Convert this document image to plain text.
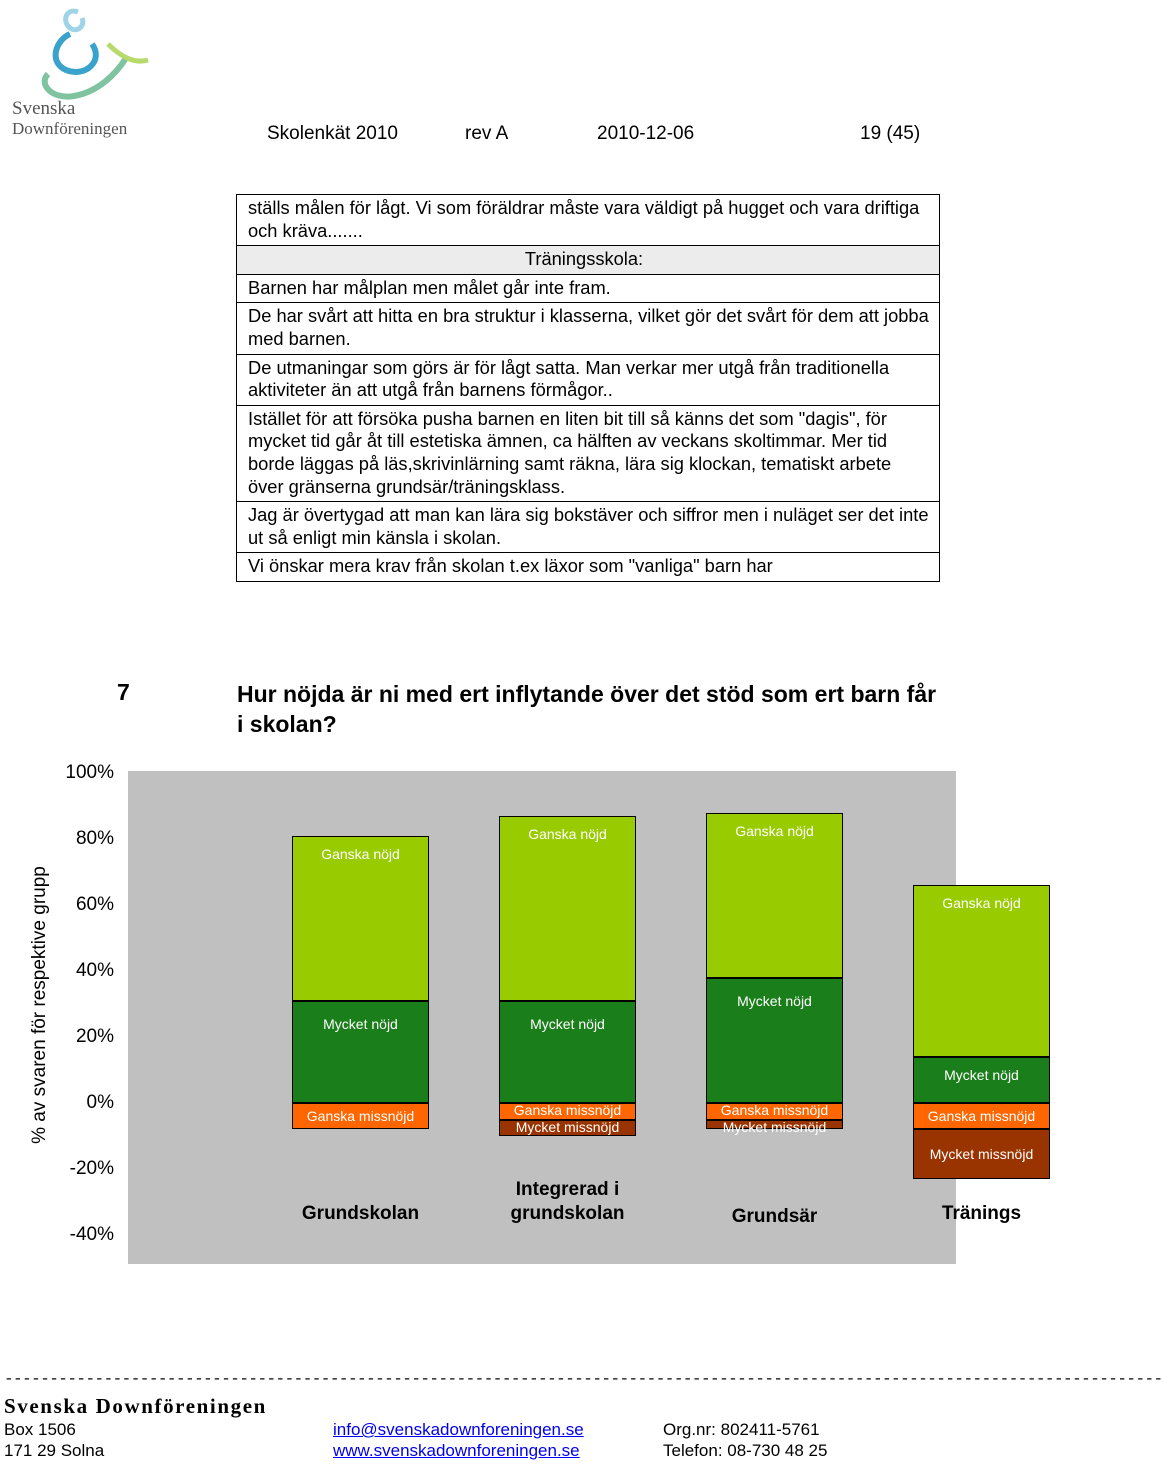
Svenska
Downföreningen	Skolenkät 2010	rev A	2010-12-06	19 (45)
ställs målen för lågt. Vi som föräldrar måste vara väldigt på hugget och vara driftiga och kräva.......
Träningsskola:
Barnen har målplan men målet går inte fram.
De har svårt att hitta en bra struktur i klasserna, vilket gör det svårt för dem att jobba med barnen.
De utmaningar som görs är för lågt satta. Man verkar mer utgå från traditionella aktiviteter än att utgå från barnens förmågor..
Istället för att försöka pusha barnen en liten bit till så känns det som "dagis", för mycket tid går åt till estetiska ämnen, ca hälften av veckans skoltimmar. Mer tid borde läggas på läs,skrivinlärning samt räkna, lära sig klockan, tematiskt arbete över gränserna grundsär/träningsklass.
Jag är övertygad att man kan lära sig bokstäver och siffror men i nuläget ser det inte ut så enligt min känsla i skolan.
Vi önskar mera krav från skolan t.ex läxor som "vanliga" barn har
7	Hur nöjda är ni med ert inflytande över det stöd som ert barn får i skolan?
% av svaren för respektive grupp
100%
80%
60%
40%
20%
0%
-20%
-40%
Mycket nöjd
Ganska nöjd
Ganska missnöjd
Mycket nöjd
Ganska nöjd
Ganska missnöjd
Mycket missnöjd
Mycket nöjd
Ganska nöjd
Ganska missnöjd
Mycket missnöjd
Mycket nöjd
Ganska nöjd
Ganska missnöjd
Mycket missnöjd
Grundskolan
Integrerad i
grundskolan	Grundsär	Tränings
--------------------------------------------------------------------------------------------------------------------------------
Svenska Downföreningen
Box 1506
171 29 Solna
info@svenskadownforeningen.se
www.svenskadownforeningen.se
Org.nr: 802411-5761
Telefon: 08-730 48 25
